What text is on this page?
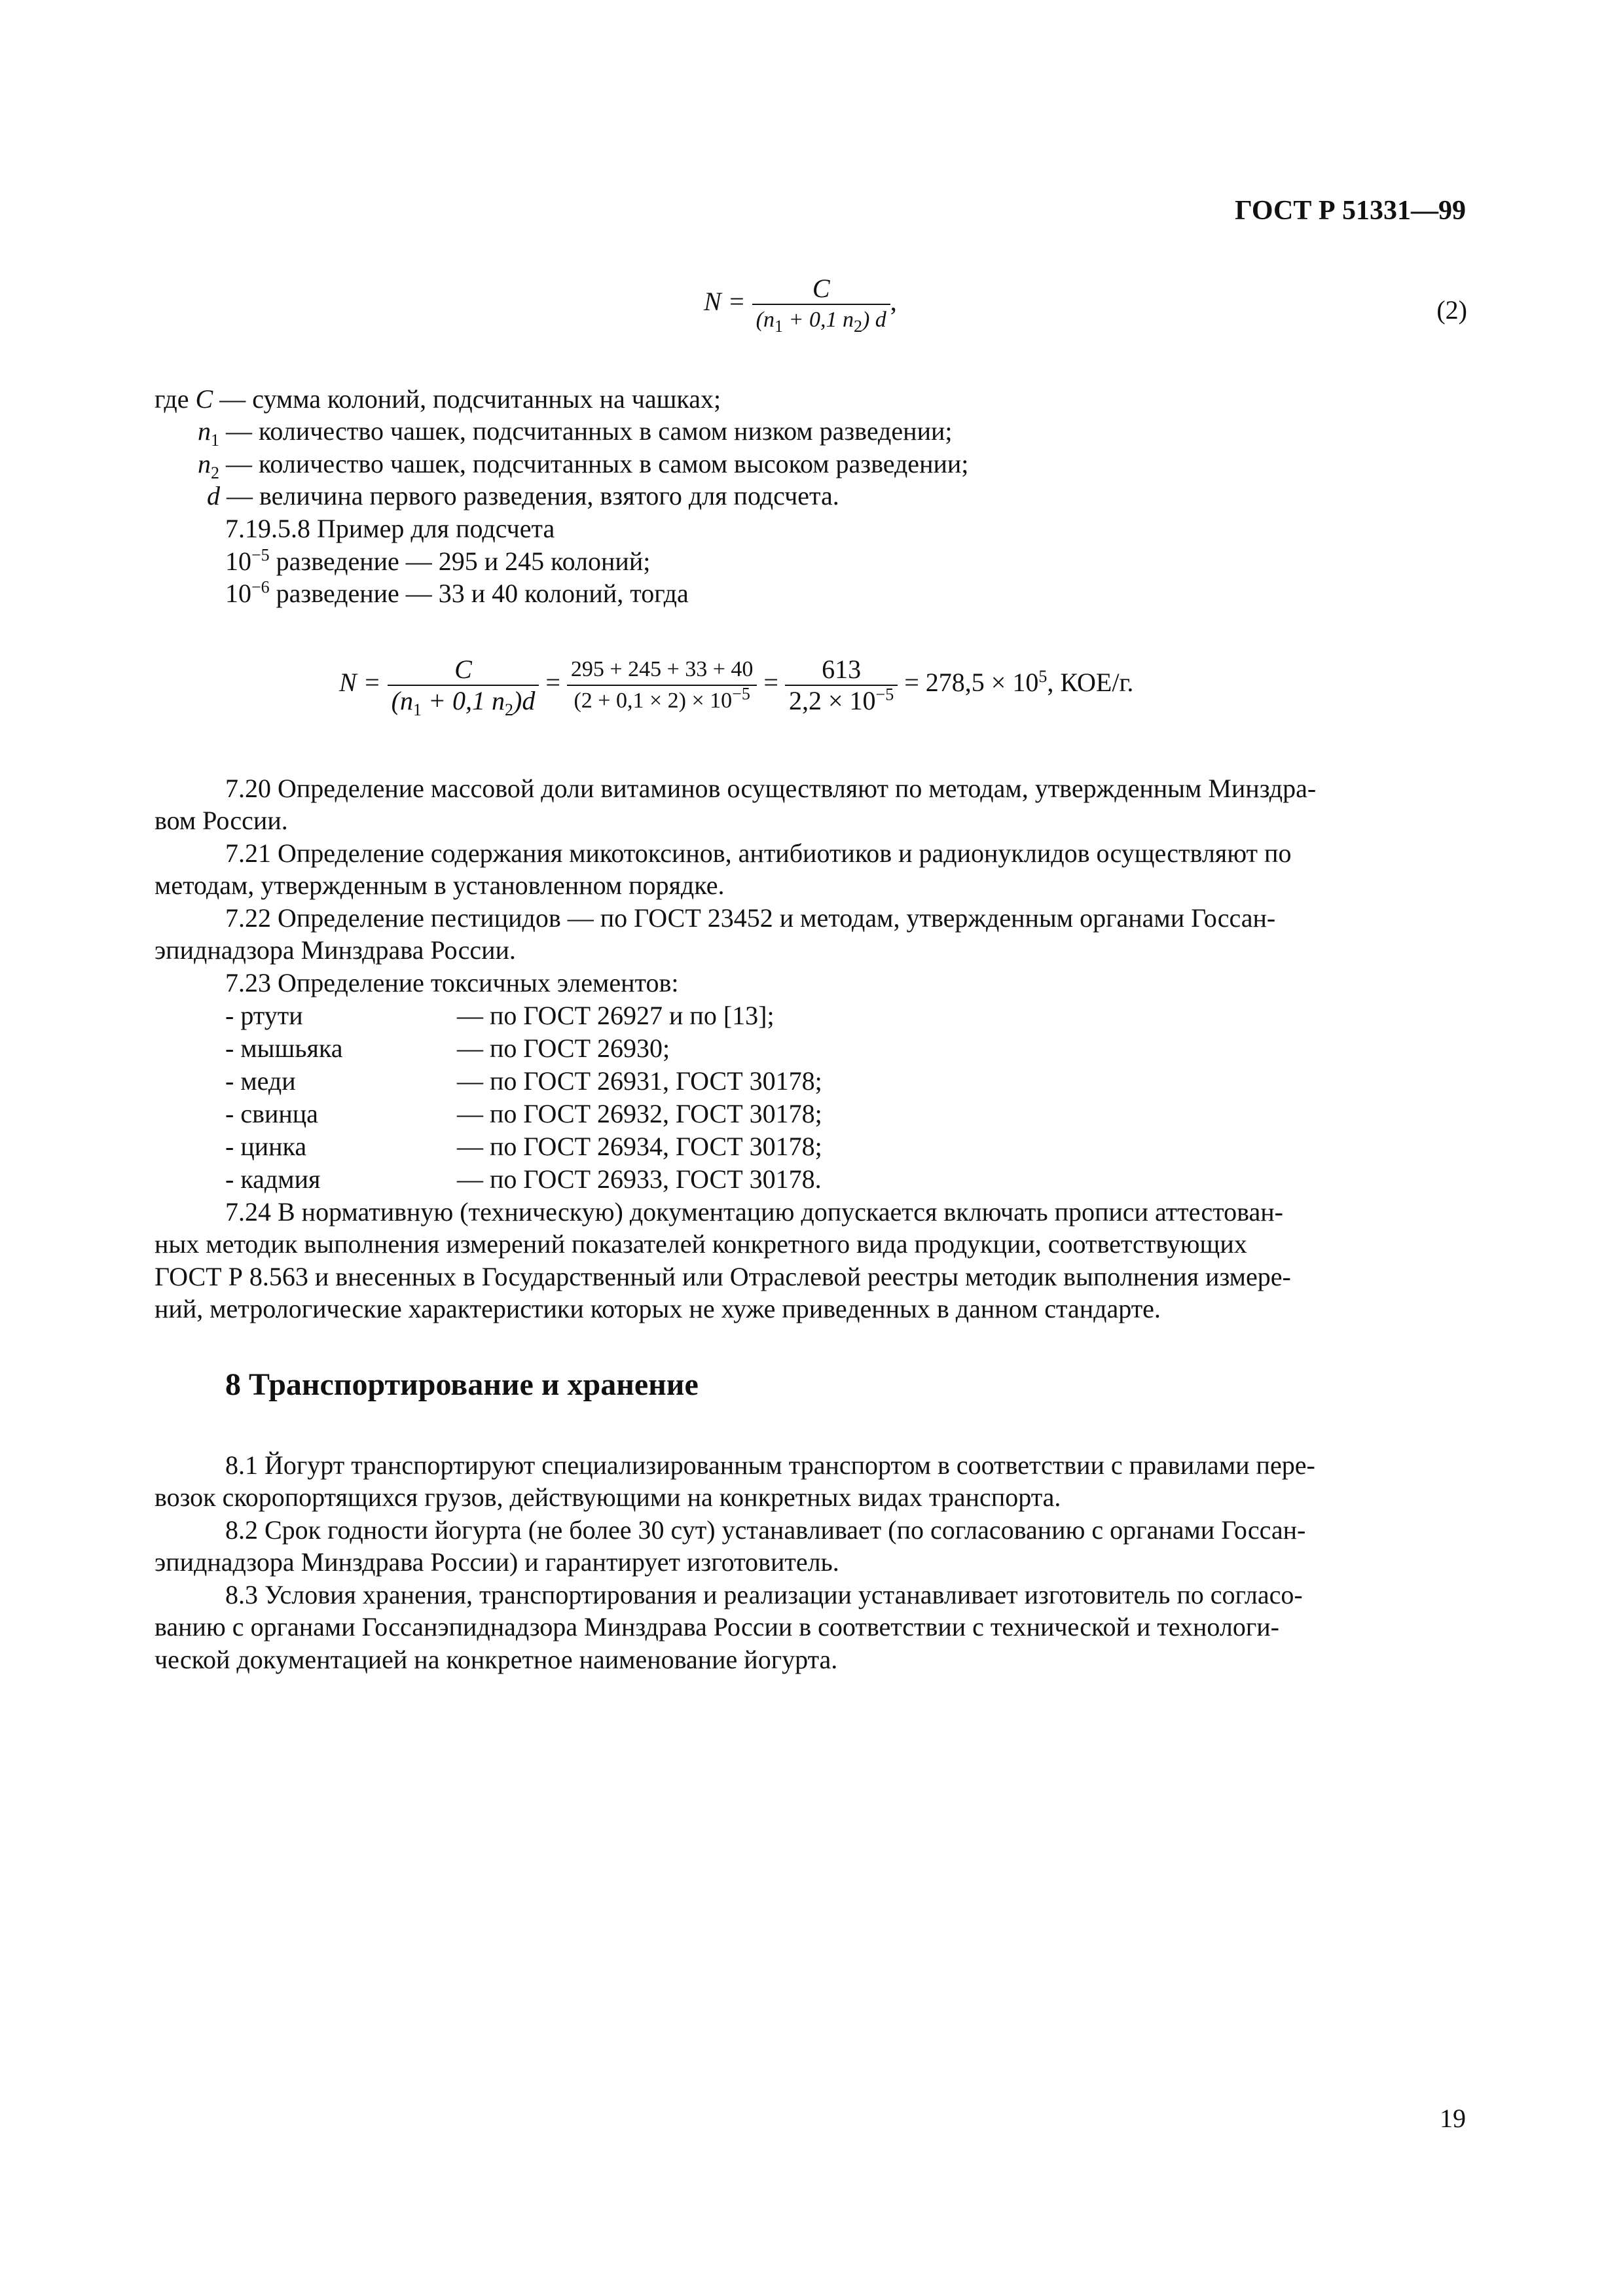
ГОСТ Р 51331—99
$N = \frac{C}{(n_1 + 0,1 n_2) d}$ ,	(2)
где C — сумма колоний, подсчитанных на чашках;
$n_1$ — количество чашек, подсчитанных в самом низком разведении;
$n_2$ — количество чашек, подсчитанных в самом высоком разведении;
d — величина первого разведения, взятого для подсчета.
7.19.5.8 Пример для подсчета
$10^{-5}$ разведение — 295 и 245 колоний;
$10^{-6}$ разведение — 33 и 40 колоний, тогда
$N = \frac{C}{(n_1 + 0,1 n_2)d} = \frac{295 + 245 + 33 + 40}{(2 + 0,1 \times 2) \times 10^{-5}} = \frac{613}{2,2 \times 10^{-5}} = 278,5 \times 10^5$, КОЕ/г.
7.20 Определение массовой доли витаминов осуществляют по методам, утвержденным Минздра-
вом России.
7.21 Определение содержания микотоксинов, антибиотиков и радионуклидов осуществляют по
методам, утвержденным в установленном порядке.
7.22 Определение пестицидов — по ГОСТ 23452 и методам, утвержденным органами Госсан-
эпиднадзора Минздрава России.
7.23 Определение токсичных элементов:
- ртути	— по ГОСТ 26927 и по [13];
- мышьяка	— по ГОСТ 26930;
- меди	— по ГОСТ 26931, ГОСТ 30178;
- свинца	— по ГОСТ 26932, ГОСТ 30178;
- цинка	— по ГОСТ 26934, ГОСТ 30178;
- кадмия	— по ГОСТ 26933, ГОСТ 30178.
7.24 В нормативную (техническую) документацию допускается включать прописи аттестован-
ных методик выполнения измерений показателей конкретного вида продукции, соответствующих
ГОСТ Р 8.563 и внесенных в Государственный или Отраслевой реестры методик выполнения измере-
ний, метрологические характеристики которых не хуже приведенных в данном стандарте.
8 Транспортирование и хранение
8.1 Йогурт транспортируют специализированным транспортом в соответствии с правилами пере-
возок скоропортящихся грузов, действующими на конкретных видах транспорта.
8.2 Срок годности йогурта (не более 30 сут) устанавливает (по согласованию с органами Госсан-
эпиднадзора Минздрава России) и гарантирует изготовитель.
8.3 Условия хранения, транспортирования и реализации устанавливает изготовитель по согласо-
ванию с органами Госсанэпиднадзора Минздрава России в соответствии с технической и технологи-
ческой документацией на конкретное наименование йогурта.
19
